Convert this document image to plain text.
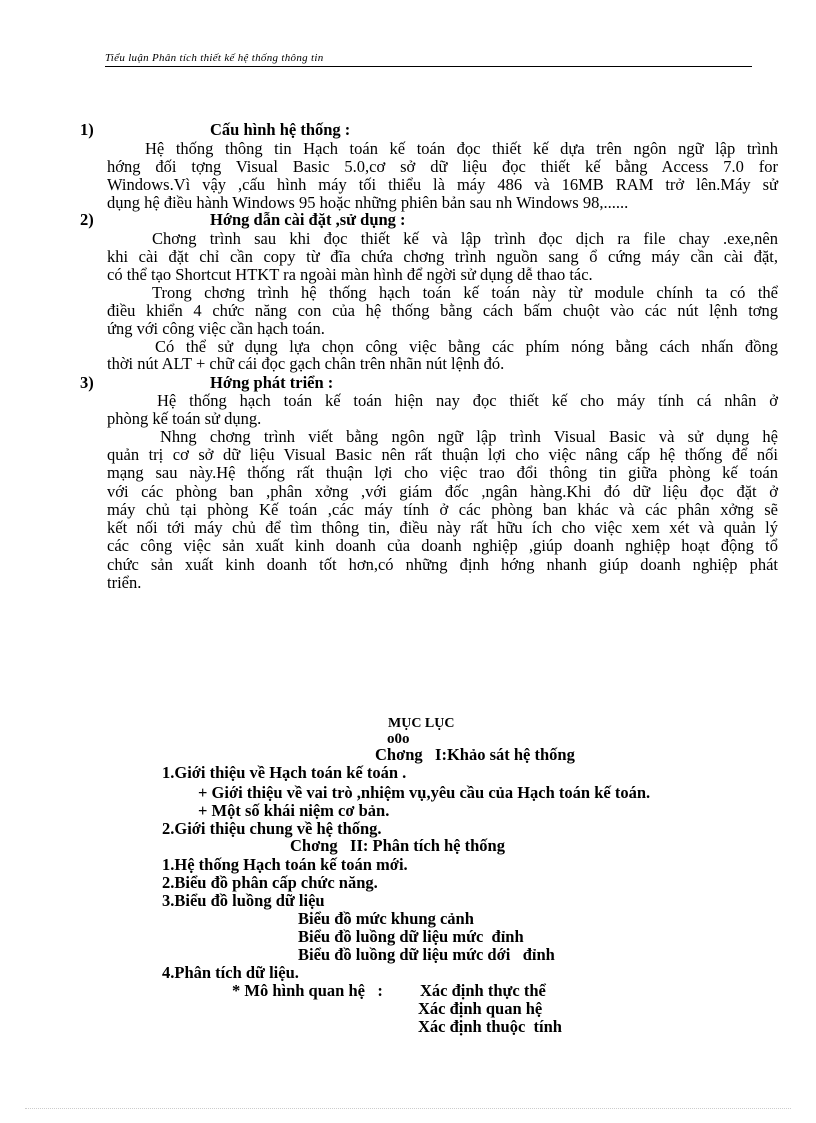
Tiểu luận Phân tích thiết kế hệ thống thông tin
1)	Cấu hình hệ thống :
Hệ thống thông tin Hạch toán kế toán đọc thiết kế dựa trên ngôn ngữ lập trình
hớng đối tợng Visual Basic 5.0,cơ sở dữ liệu đọc thiết kế bằng Access 7.0 for
Windows.Vì vậy ,cấu hình máy tối thiểu là máy 486 và 16MB RAM trở lên.Máy sử
dụng hệ điều hành Windows 95 hoặc những phiên bản sau nh Windows 98,......
2)	Hớng dẫn cài đặt ,sử dụng :
Chơng trình sau khi đọc thiết kế và lập trình đọc dịch ra file chay .exe,nên
khi cài đặt chỉ cần copy từ đĩa chứa chơng trình nguồn sang ổ cứng máy cần cài đặt,
có thể tạo Shortcut HTKT ra ngoài màn hình để ngời sử dụng dễ thao tác.
Trong chơng trình hệ thống hạch toán kế toán này từ module chính ta có thể
điều khiển 4 chức năng con của hệ thống bằng cách bấm chuột vào các nút lệnh tơng
ứng với công việc cần hạch toán.
Có thể sử dụng lựa chọn công việc bằng các phím nóng bằng cách nhấn đồng
thời nút ALT + chữ cái đọc gạch chân trên nhãn nút lệnh đó.
3)	Hớng phát triển :
Hệ thống hạch toán kế toán hiện nay đọc thiết kế cho máy tính cá nhân ở
phòng kế toán sử dụng.
Nhng chơng trình viết bằng ngôn ngữ lập trình Visual Basic và sử dụng hệ
quản trị cơ sở dữ liệu Visual Basic nên rất thuận lợi cho việc nâng cấp hệ thống để nối
mạng sau này.Hệ thống rất thuận lợi cho việc trao đổi thông tin giữa phòng kế toán
với các phòng ban ,phân xởng ,với giám đốc ,ngân hàng.Khi đó dữ liệu đọc đặt ở
máy chủ tại phòng Kế toán ,các máy tính ở các phòng ban khác và các phân xởng sẽ
kết nối tới máy chủ để tìm thông tin, điều này rất hữu ích cho việc xem xét và quản lý
các công việc sản xuất kinh doanh của doanh nghiệp ,giúp doanh nghiệp hoạt động tổ
chức sản xuất kinh doanh tốt hơn,có những định hớng nhanh giúp doanh nghiệp phát
triển.
MỤC LỤC
o0o
Chơng   I:Khảo sát hệ thống
1.Giới thiệu về Hạch toán kế toán .
+ Giới thiệu về vai trò ,nhiệm vụ,yêu cầu của Hạch toán kế toán.
+ Một số khái niệm cơ bản.
2.Giới thiệu chung về hệ thống.
Chơng   II: Phân tích hệ thống
1.Hệ thống Hạch toán kế toán mới.
2.Biểu đồ phân cấp chức năng.
3.Biểu đồ luồng dữ liệu
Biểu đồ mức khung cảnh
Biểu đồ luồng dữ liệu mức  đỉnh
Biểu đồ luồng dữ liệu mức dới   đỉnh
4.Phân tích dữ liệu.
* Mô hình quan hệ   : Xác định thực thể
Xác định quan hệ
Xác định thuộc  tính
